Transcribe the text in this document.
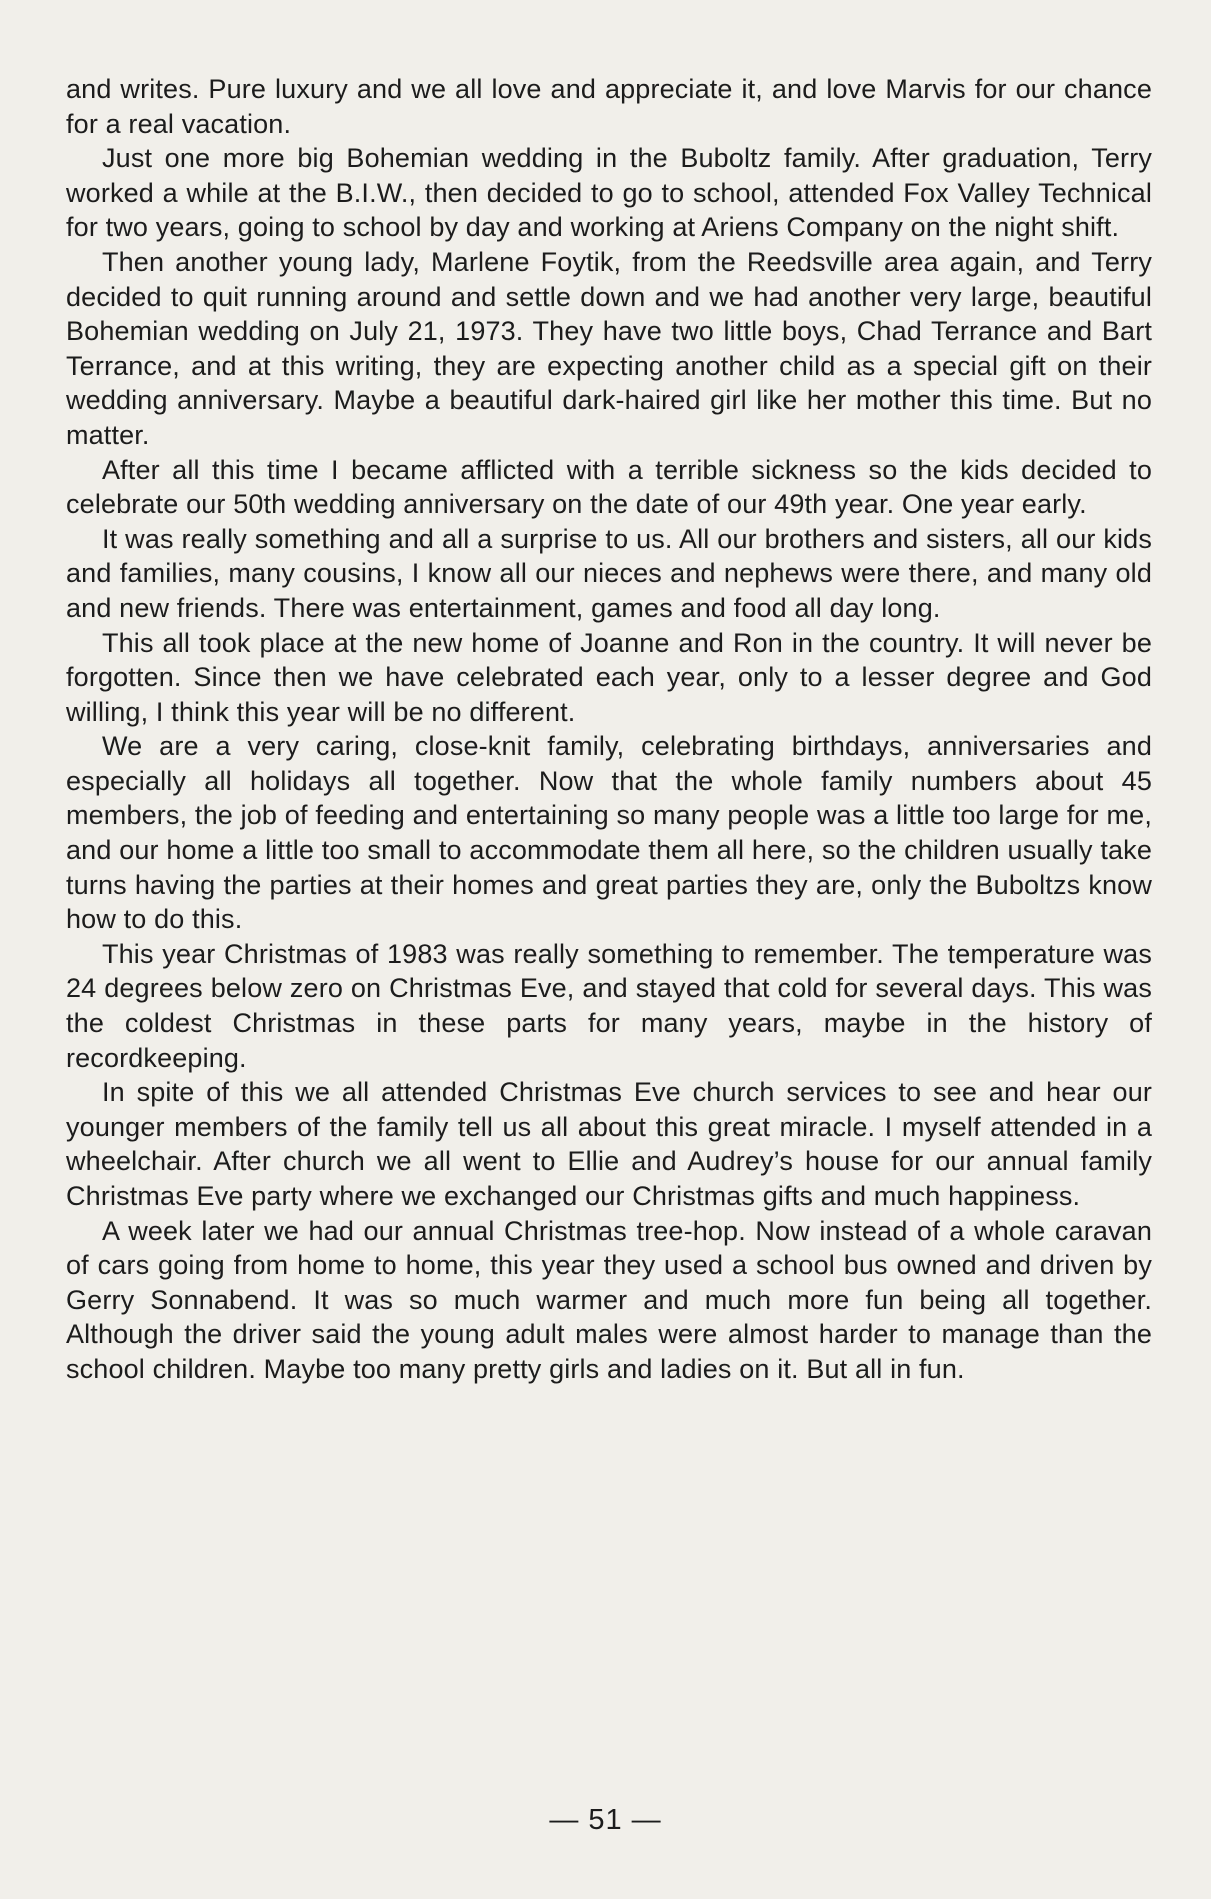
and writes. Pure luxury and we all love and appreciate it, and love Marvis for our chance for a real vacation.

Just one more big Bohemian wedding in the Buboltz family. After graduation, Terry worked a while at the B.I.W., then decided to go to school, attended Fox Valley Technical for two years, going to school by day and working at Ariens Company on the night shift.

Then another young lady, Marlene Foytik, from the Reedsville area again, and Terry decided to quit running around and settle down and we had another very large, beautiful Bohemian wedding on July 21, 1973. They have two little boys, Chad Terrance and Bart Terrance, and at this writing, they are expecting another child as a special gift on their wedding anniversary. Maybe a beautiful dark-haired girl like her mother this time. But no matter.

After all this time I became afflicted with a terrible sickness so the kids decided to celebrate our 50th wedding anniversary on the date of our 49th year. One year early.

It was really something and all a surprise to us. All our brothers and sisters, all our kids and families, many cousins, I know all our nieces and nephews were there, and many old and new friends. There was entertainment, games and food all day long.

This all took place at the new home of Joanne and Ron in the country. It will never be forgotten. Since then we have celebrated each year, only to a lesser degree and God willing, I think this year will be no different.

We are a very caring, close-knit family, celebrating birthdays, anniversaries and especially all holidays all together. Now that the whole family numbers about 45 members, the job of feeding and entertaining so many people was a little too large for me, and our home a little too small to accommodate them all here, so the children usually take turns having the parties at their homes and great parties they are, only the Buboltzs know how to do this.

This year Christmas of 1983 was really something to remember. The temperature was 24 degrees below zero on Christmas Eve, and stayed that cold for several days. This was the coldest Christmas in these parts for many years, maybe in the history of recordkeeping.

In spite of this we all attended Christmas Eve church services to see and hear our younger members of the family tell us all about this great miracle. I myself attended in a wheelchair. After church we all went to Ellie and Audrey’s house for our annual family Christmas Eve party where we exchanged our Christmas gifts and much happiness.

A week later we had our annual Christmas tree-hop. Now instead of a whole caravan of cars going from home to home, this year they used a school bus owned and driven by Gerry Sonnabend. It was so much warmer and much more fun being all together. Although the driver said the young adult males were almost harder to manage than the school children. Maybe too many pretty girls and ladies on it. But all in fun.

— 51 —
